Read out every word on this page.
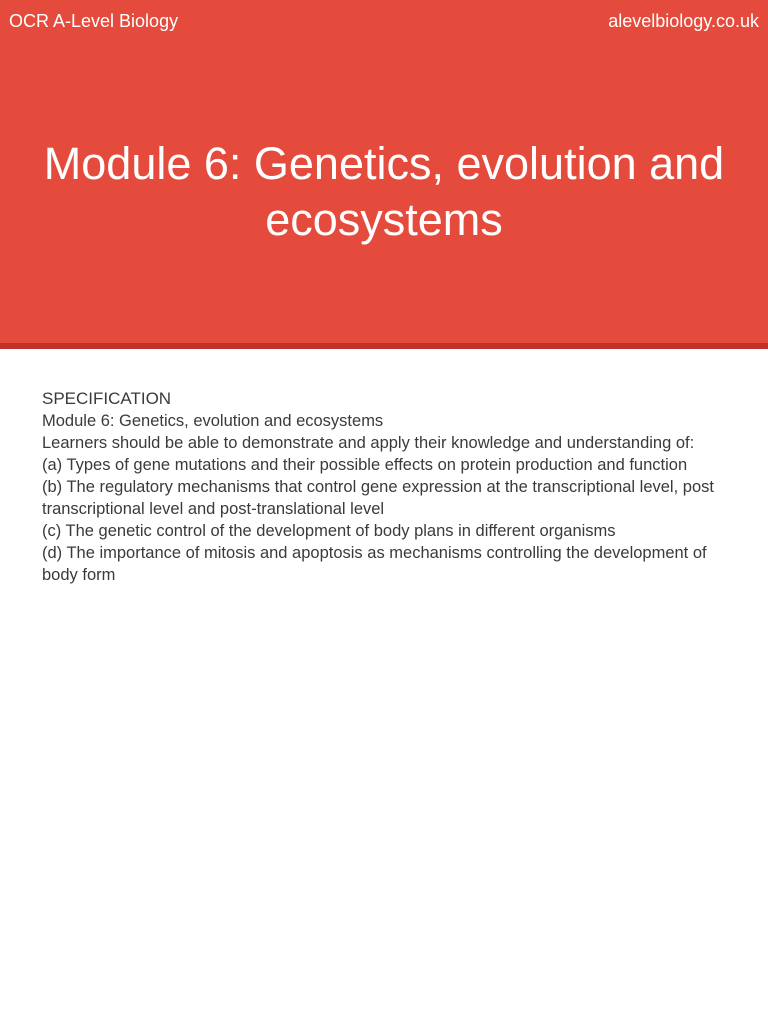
OCR A-Level Biology	alevelbiology.co.uk
Module 6: Genetics, evolution and ecosystems
SPECIFICATION
Module 6: Genetics, evolution and ecosystems
Learners should be able to demonstrate and apply their knowledge and understanding of:
(a) Types of gene mutations and their possible effects on protein production and function
(b) The regulatory mechanisms that control gene expression at the transcriptional level, post transcriptional level and post-translational level
(c) The genetic control of the development of body plans in different organisms
(d) The importance of mitosis and apoptosis as mechanisms controlling the development of body form
